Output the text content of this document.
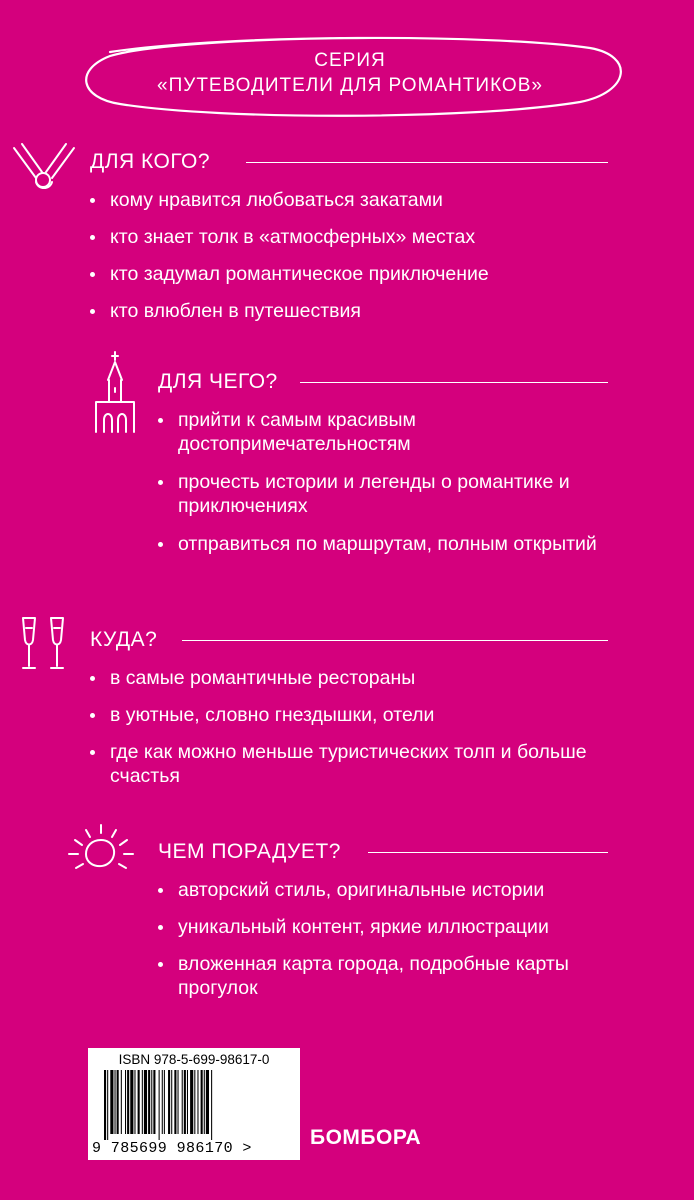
СЕРИЯ
«ПУТЕВОДИТЕЛИ ДЛЯ РОМАНТИКОВ»
ДЛЯ КОГО?
кому нравится любоваться закатами
кто знает толк в «атмосферных» местах
кто задумал романтическое приключение
кто влюблен в путешествия
ДЛЯ ЧЕГО?
прийти к самым красивым достопримечательностям
прочесть истории и легенды о романтике и приключениях
отправиться по маршрутам, полным открытий
КУДА?
в самые романтичные рестораны
в уютные, словно гнездышки, отели
где как можно меньше туристических толп и больше счастья
ЧЕМ ПОРАДУЕТ?
авторский стиль, оригинальные истории
уникальный контент, яркие иллюстрации
вложенная карта города, подробные карты прогулок
ISBN 978-5-699-98617-0
9 785699 986170 >	БОМБОРА
